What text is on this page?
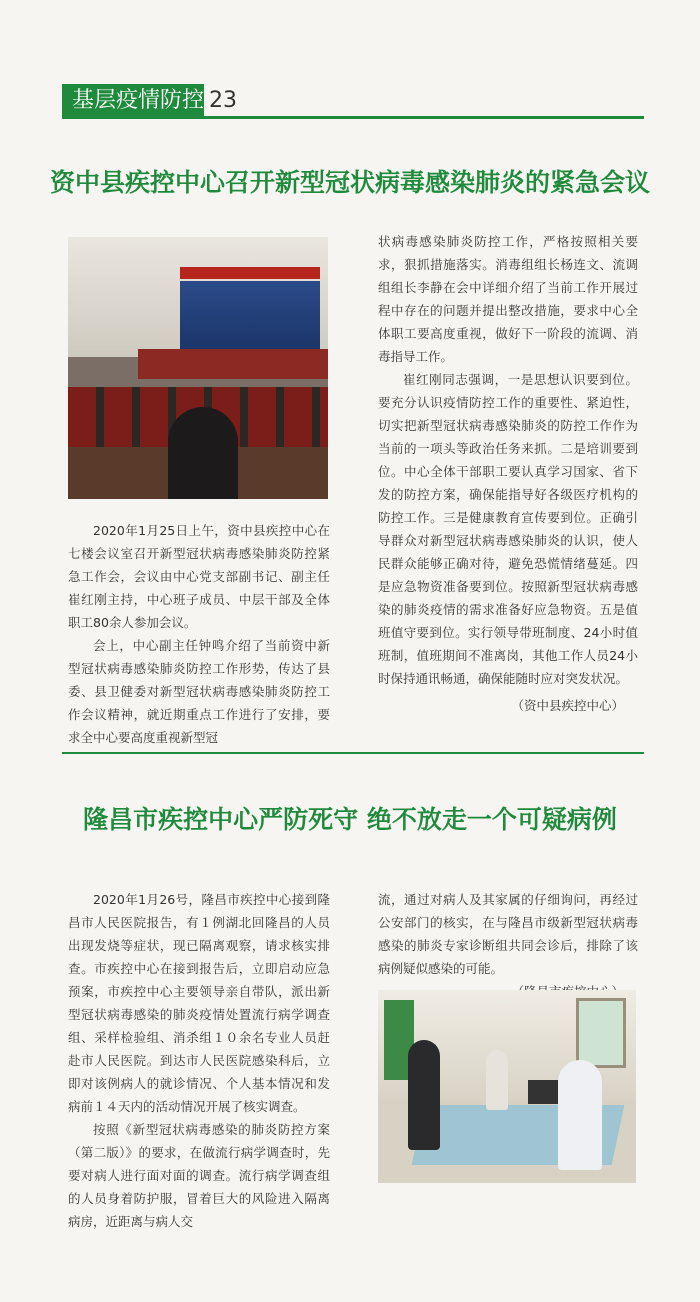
基层疫情防控 23
资中县疾控中心召开新型冠状病毒感染肺炎的紧急会议

2020年1月25日上午，资中县疾控中心在七楼会议室召开新型冠状病毒感染肺炎防控紧急工作会，会议由中心党支部副书记、副主任崔红刚主持，中心班子成员、中层干部及全体职工80余人参加会议。

会上，中心副主任钟鸣介绍了当前资中新型冠状病毒感染肺炎防控工作形势，传达了县委、县卫健委对新型冠状病毒感染肺炎防控工作会议精神，就近期重点工作进行了安排，要求全中心要高度重视新型冠

状病毒感染肺炎防控工作，严格按照相关要求，狠抓措施落实。消毒组组长杨连文、流调组组长李静在会中详细介绍了当前工作开展过程中存在的问题并提出整改措施，要求中心全体职工要高度重视，做好下一阶段的流调、消毒指导工作。

崔红刚同志强调，一是思想认识要到位。要充分认识疫情防控工作的重要性、紧迫性，切实把新型冠状病毒感染肺炎的防控工作作为当前的一项头等政治任务来抓。二是培训要到位。中心全体干部职工要认真学习国家、省下发的防控方案，确保能指导好各级医疗机构的防控工作。三是健康教育宣传要到位。正确引导群众对新型冠状病毒感染肺炎的认识，使人民群众能够正确对待，避免恐慌情绪蔓延。四是应急物资准备要到位。按照新型冠状病毒感染的肺炎疫情的需求准备好应急物资。五是值班值守要到位。实行领导带班制度、24小时值班制，值班期间不准离岗，其他工作人员24小时保持通讯畅通，确保能随时应对突发状况。

（资中县疾控中心）

隆昌市疾控中心严防死守 绝不放走一个可疑病例

2020年1月26号，隆昌市疾控中心接到隆昌市人民医院报告，有１例湖北回隆昌的人员出现发烧等症状，现已隔离观察，请求核实排查。市疾控中心在接到报告后，立即启动应急预案，市疾控中心主要领导亲自带队，派出新型冠状病毒感染的肺炎疫情处置流行病学调查组、采样检验组、消杀组１０余名专业人员赶赴市人民医院。到达市人民医院感染科后，立即对该例病人的就诊情况、个人基本情况和发病前１４天内的活动情况开展了核实调查。

按照《新型冠状病毒感染的肺炎防控方案（第二版）》的要求，在做流行病学调查时，先要对病人进行面对面的调查。流行病学调查组的人员身着防护服，冒着巨大的风险进入隔离病房，近距离与病人交

流，通过对病人及其家属的仔细询问，再经过公安部门的核实，在与隆昌市级新型冠状病毒感染的肺炎专家诊断组共同会诊后，排除了该病例疑似感染的可能。
